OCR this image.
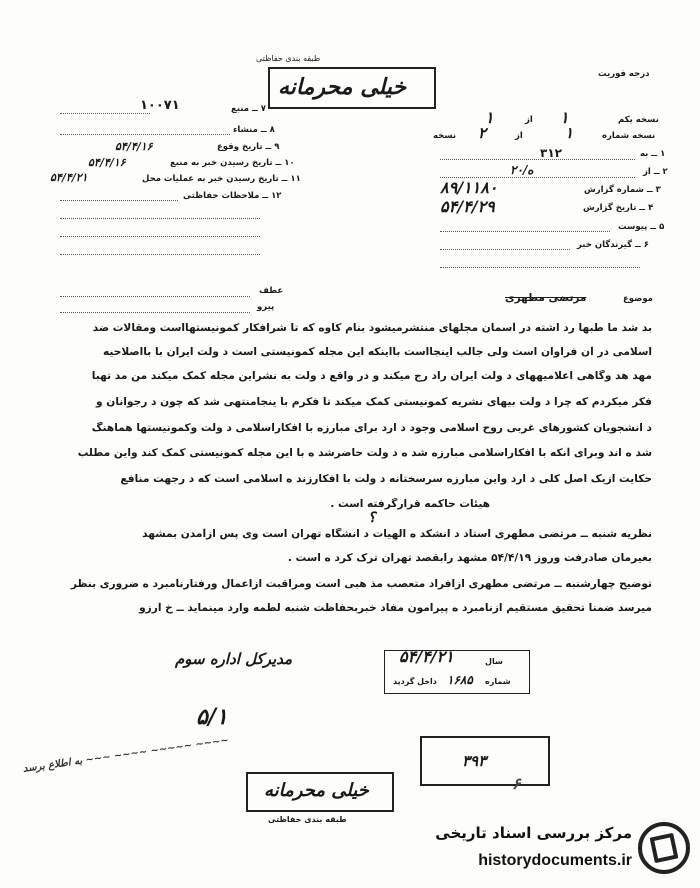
طبقه بندی حفاظتی
خیلی محرمانه	درجه فوریت
۱۰۰۷۱	۷ ــ منبع
۸ ــ منشاء
۹ ــ تاریخ وقوع
۵۴/۴/۱۶
۱۰ ــ تاریخ رسیدن خبر به منبع
۵۴/۴/۱۶
۱۱ ــ تاریخ رسیدن خبر به عملیات محل
۵۴/۴/۲۱
۱۲ ــ ملاحظات حفاظتی
نسخه یکم
۱
از
۱
نسخه شماره
۱
از
۲
نسخه
۱ ــ به
۳۱۲
۲ ــ از
۲۰/ه
۳ ــ شماره گزارش
۸۹/۱۱۸۰
۴ ــ تاریخ گزارش
۵۴/۴/۲۹
۵ ــ پیوست
۶ ــ گیرندگان خبر
عطف
پیرو
موضوع
مرتضی مطهری
بد شد ما طبها رد اشته در آسمان مجلهای منتشرمیشود بنام کاوه که تا شرافکار کمونیستهااست ومقالات ضد
اسلامی در آن فراوان است ولی جالب اینجااست بااینکه این مجله کمونیستی است د ولت ایران با بااصلاحیه
مهد هد وگاهی اعلامیههای د ولت ایران راد رج میکند و در واقع د ولت به نشراین مجله کمک میکند من مد تهبا
فکر میکردم که چرا د ولت بیهای نشریه کمونیستی کمک میکند تا فکرم با ینجامنتهی شد که چون د رجوانان و
د انشجویان کشورهای غربی روح اسلامی وجود د ارد برای مبارزه با افکاراسلامی د ولت وکمونیستها هماهنگ
شد ه اند وبرای آنکه با افکاراسلامی مبارزه شد ه د ولت حاضرشد ه با این مجله کمونیستی کمک کند واین مطلب
حکایت ازیک اصل کلی د ارد واین مبارزه سرسختانه د ولت با افکارزند ه اسلامی است که د رجهت منافع
هیئات حاکمه قرارگرفته است .
؟
نظریه شنبه ــ مرتضی مطهری استاد د انشکد ه الهیات د انشگاه تهران است وی پس ازآمدن بمشهد
بغیرمان صادرفت وروز ۵۴/۴/۱۹ مشهد رابقصد تهران ترک کرد ه است .
توضیح چهارشنبه ــ مرتضی مطهری ازافراد متعصب مذ هبی است ومراقبت ازاعمال ورفتارنامبرد ه ضروری بنظر
میرسد ضمنا تحقیق مستقیم ازنامبرد ه پیرامون مفاد خبربحفاظت شنبه لطمه وارد مینماید ــ خ آرزو
۵۴/۴/۲۱	سال
شماره
۱۶۸۵
داخل گردید
مدیرکل اداره سوم
۵/۱
به اطلاع برسد ~~~ ~~~~ ~~~~~ ~~~~	۳۹۳
۶
خیلی محرمانه
طبقه بندی حفاظتی
مرکز بررسی اسناد تاریخی
historydocuments.ir
